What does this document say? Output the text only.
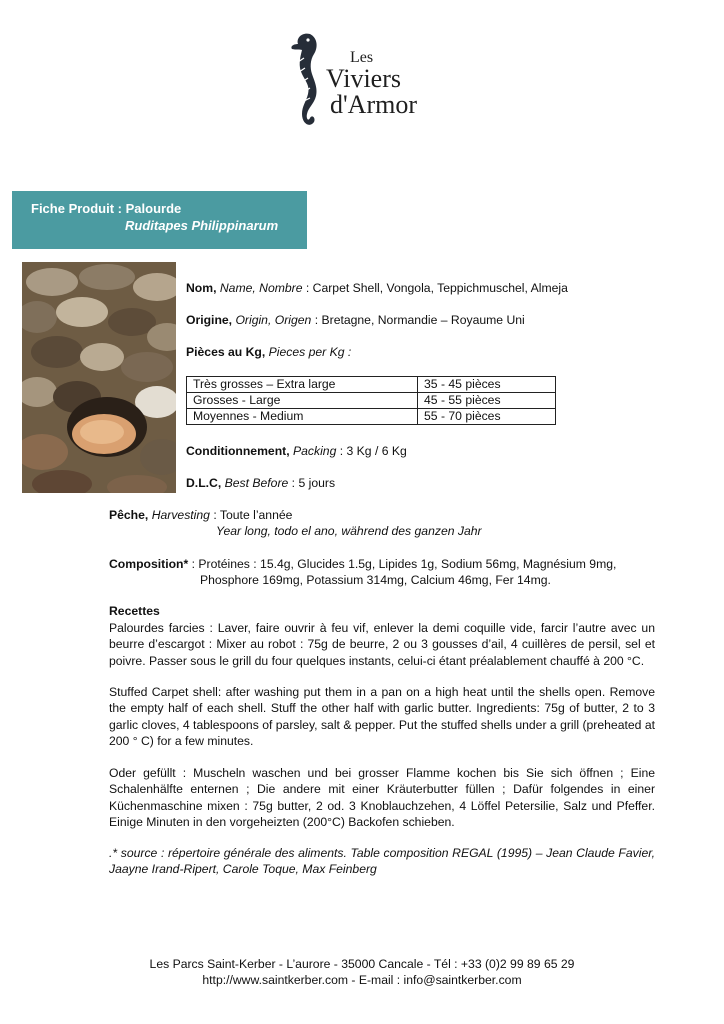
Les
Viviers
d'Armor
Fiche Produit : Palourde
Ruditapes Philippinarum
Nom, Name, Nombre : Carpet Shell, Vongola, Teppichmuschel, Almeja
Origine, Origin, Origen : Bretagne, Normandie – Royaume Uni
Pièces au Kg, Pieces per Kg :
Très grosses – Extra large	35 - 45 pièces
Grosses - Large	45 - 55 pièces
Moyennes - Medium	55 - 70 pièces
Conditionnement, Packing : 3 Kg / 6 Kg
D.L.C, Best Before : 5 jours
Pêche, Harvesting : Toute l’année
Year long, todo el ano, während des ganzen Jahr
Composition* : Protéines : 15.4g, Glucides 1.5g, Lipides 1g, Sodium 56mg, Magnésium 9mg,
Phosphore 169mg, Potassium 314mg, Calcium 46mg, Fer 14mg.
Recettes
Palourdes farcies : Laver, faire ouvrir à feu vif, enlever la demi coquille vide, farcir l’autre avec un beurre d’escargot : Mixer au robot : 75g de beurre, 2 ou 3 gousses d’ail, 4 cuillères de persil, sel et poivre. Passer sous le grill du four quelques instants, celui-ci étant préalablement chauffé à 200 °C.
Stuffed Carpet shell: after washing put them in a pan on a high heat until the shells open. Remove the empty half of each shell. Stuff the other half with garlic butter. Ingredients: 75g of butter, 2 to 3 garlic cloves, 4 tablespoons of parsley, salt & pepper. Put the stuffed shells under a grill (preheated at 200 ° C) for a few minutes.
Oder gefüllt : Muscheln waschen und bei grosser Flamme kochen bis Sie sich öffnen ; Eine Schalenhälfte enternen ; Die andere mit einer Kräuterbutter füllen ; Dafür folgendes in einer Küchenmaschine mixen : 75g butter, 2 od. 3 Knoblauchzehen, 4 Löffel Petersilie, Salz und Pfeffer. Einige Minuten in den vorgeheizten (200°C) Backofen schieben.
.* source : répertoire générale des aliments. Table composition REGAL (1995) – Jean Claude Favier, Jaayne Irand-Ripert, Carole Toque, Max Feinberg
Les Parcs Saint-Kerber - L’aurore - 35000 Cancale - Tél : +33 (0)2 99 89 65 29
http://www.saintkerber.com - E-mail : info@saintkerber.com
